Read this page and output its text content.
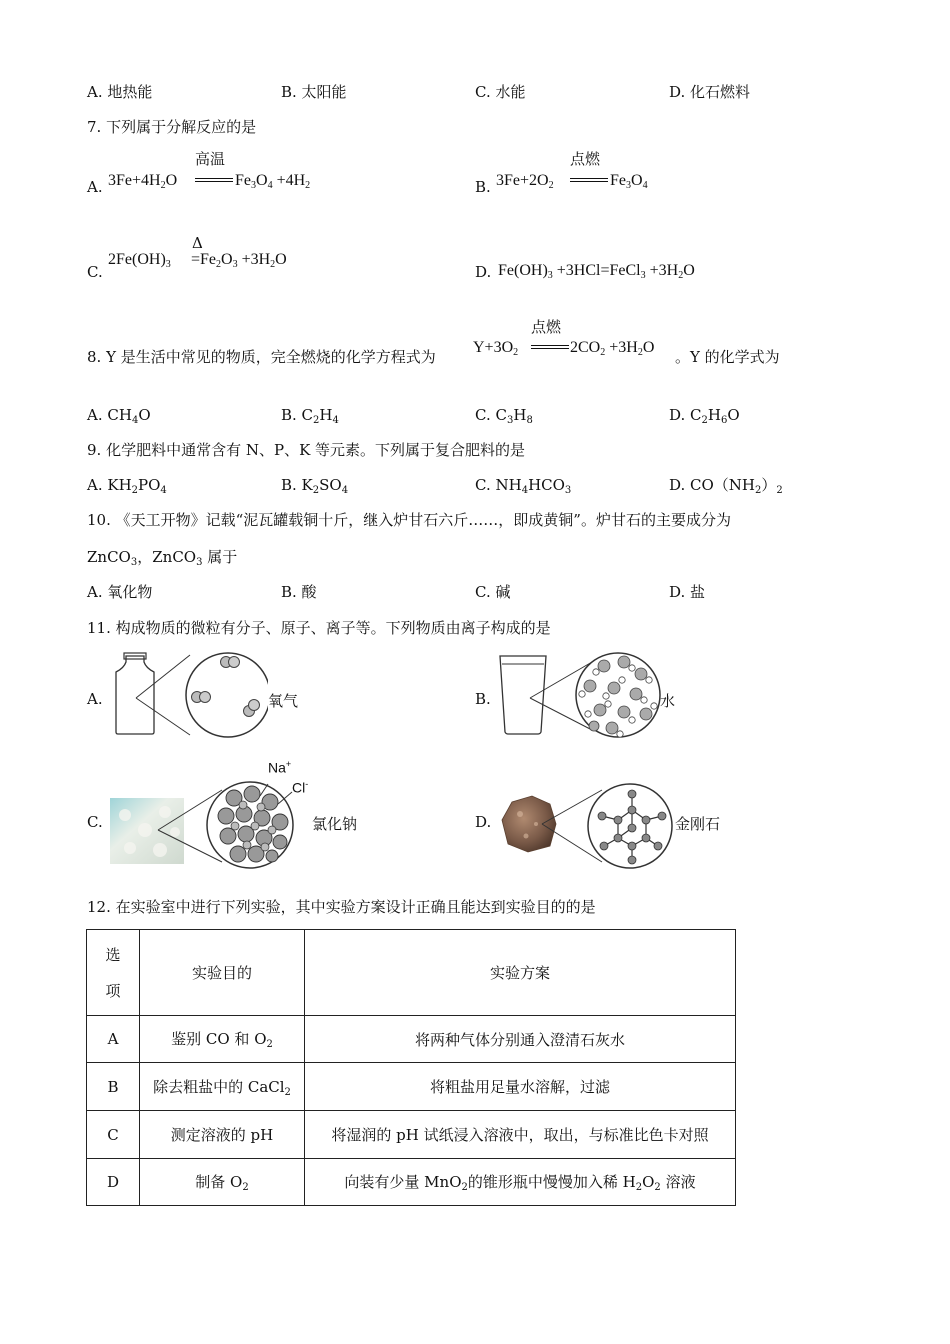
A. 地热能	B. 太阳能	C. 水能	D. 化石燃料
7. 下列属于分解反应的是
A. $3Fe+4H_2O$
高温
$Fe_3O_4 +4H_2$	B. $3Fe+2O_2$
点燃
$Fe_3O_4$
C.
$2Fe(OH)_3$
Δ
$=Fe_2O_3 +3H_2O$
D. $Fe(OH)_3$ +3HCl=FeCl$_3$ $+3H_2O$
8. Y 是生活中常见的物质，完全燃烧的化学方程式为
$Y+3O_2$
点燃
$2CO_2 +3H_2O$
。Y 的化学式为
A. $CH_4O$	B. $C_2H_4$	C. $C_3H_8$	D. $C_2H_6O$
9. 化学肥料中通常含有 N、P、K 等元素。下列属于复合肥料的是
A. $KH_2PO_4$	B. $K_2SO_4$	C. $NH_4HCO_3$	D. $CO(NH_2)_2$
10. 《天工开物》记载“泥瓦罐载铜十斤，继入炉甘石六斤……，即成黄铜”。炉甘石的主要成分为
ZnCO$_3$，ZnCO$_3$ 属于
A. 氧化物	B. 酸	C. 碱	D. 盐
11. 构成物质的微粒有分子、原子、离子等。下列物质由离子构成的是
A.	氧气	B.	水
C.
Na+
Cl-
氯化钠	D.	金刚石
12. 在实验室中进行下列实验，其中实验方案设计正确且能达到实验目的的是
选
项	实验目的	实验方案
A	鉴别 CO 和 $O_2$	将两种气体分别通入澄清石灰水
B	除去粗盐中的 CaCl$_2$	将粗盐用足量水溶解，过滤
C	测定溶液的 pH	将湿润的 pH 试纸浸入溶液中，取出，与标准比色卡对照
D	制备 $O_2$	向装有少量 MnO$_2$的锥形瓶中慢慢加入稀 $H_2O_2$ 溶液
